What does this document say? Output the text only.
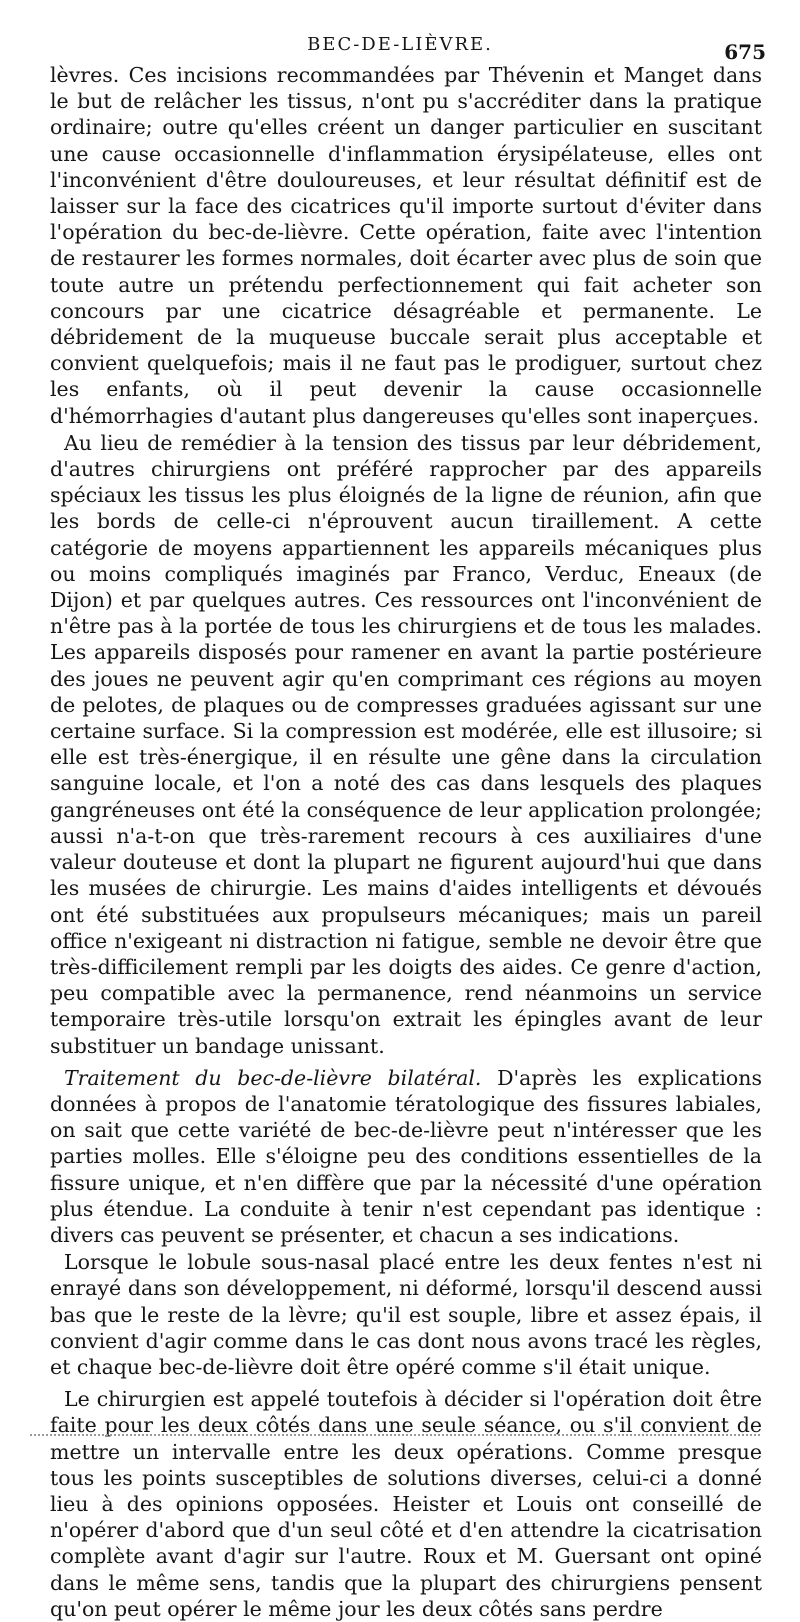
BEC-DE-LIÈVRE.	675

lèvres. Ces incisions recommandées par Thévenin et Manget dans le but de relâcher les tissus, n'ont pu s'accréditer dans la pratique ordinaire; outre qu'elles créent un danger particulier en suscitant une cause occasionnelle d'inflammation érysipélateuse, elles ont l'inconvénient d'être douloureuses, et leur résultat définitif est de laisser sur la face des cicatrices qu'il importe surtout d'éviter dans l'opération du bec-de-lièvre. Cette opération, faite avec l'intention de restaurer les formes normales, doit écarter avec plus de soin que toute autre un prétendu perfectionnement qui fait acheter son concours par une cicatrice désagréable et permanente. Le débridement de la muqueuse buccale serait plus acceptable et convient quelquefois; mais il ne faut pas le prodiguer, surtout chez les enfants, où il peut devenir la cause occasionnelle d'hémorrhagies d'autant plus dangereuses qu'elles sont inaperçues.

Au lieu de remédier à la tension des tissus par leur débridement, d'autres chirurgiens ont préféré rapprocher par des appareils spéciaux les tissus les plus éloignés de la ligne de réunion, afin que les bords de celle-ci n'éprouvent aucun tiraillement. A cette catégorie de moyens appartiennent les appareils mécaniques plus ou moins compliqués imaginés par Franco, Verduc, Eneaux (de Dijon) et par quelques autres. Ces ressources ont l'inconvénient de n'être pas à la portée de tous les chirurgiens et de tous les malades. Les appareils disposés pour ramener en avant la partie postérieure des joues ne peuvent agir qu'en comprimant ces régions au moyen de pelotes, de plaques ou de compresses graduées agissant sur une certaine surface. Si la compression est modérée, elle est illusoire; si elle est très-énergique, il en résulte une gêne dans la circulation sanguine locale, et l'on a noté des cas dans lesquels des plaques gangréneuses ont été la conséquence de leur application prolongée; aussi n'a-t-on que très-rarement recours à ces auxiliaires d'une valeur douteuse et dont la plupart ne figurent aujourd'hui que dans les musées de chirurgie. Les mains d'aides intelligents et dévoués ont été substituées aux propulseurs mécaniques; mais un pareil office n'exigeant ni distraction ni fatigue, semble ne devoir être que très-difficilement rempli par les doigts des aides. Ce genre d'action, peu compatible avec la permanence, rend néanmoins un service temporaire très-utile lorsqu'on extrait les épingles avant de leur substituer un bandage unissant.

Traitement du bec-de-lièvre bilatéral. D'après les explications données à propos de l'anatomie tératologique des fissures labiales, on sait que cette variété de bec-de-lièvre peut n'intéresser que les parties molles. Elle s'éloigne peu des conditions essentielles de la fissure unique, et n'en diffère que par la nécessité d'une opération plus étendue. La conduite à tenir n'est cependant pas identique : divers cas peuvent se présenter, et chacun a ses indications.

Lorsque le lobule sous-nasal placé entre les deux fentes n'est ni enrayé dans son développement, ni déformé, lorsqu'il descend aussi bas que le reste de la lèvre; qu'il est souple, libre et assez épais, il convient d'agir comme dans le cas dont nous avons tracé les règles, et chaque bec-de-lièvre doit être opéré comme s'il était unique.

Le chirurgien est appelé toutefois à décider si l'opération doit être faite pour les deux côtés dans une seule séance, ou s'il convient de mettre un intervalle entre les deux opérations. Comme presque tous les points susceptibles de solutions diverses, celui-ci a donné lieu à des opinions opposées. Heister et Louis ont conseillé de n'opérer d'abord que d'un seul côté et d'en attendre la cicatrisation complète avant d'agir sur l'autre. Roux et M. Guersant ont opiné dans le même sens, tandis que la plupart des chirurgiens pensent qu'on peut opérer le même jour les deux côtés sans perdre
